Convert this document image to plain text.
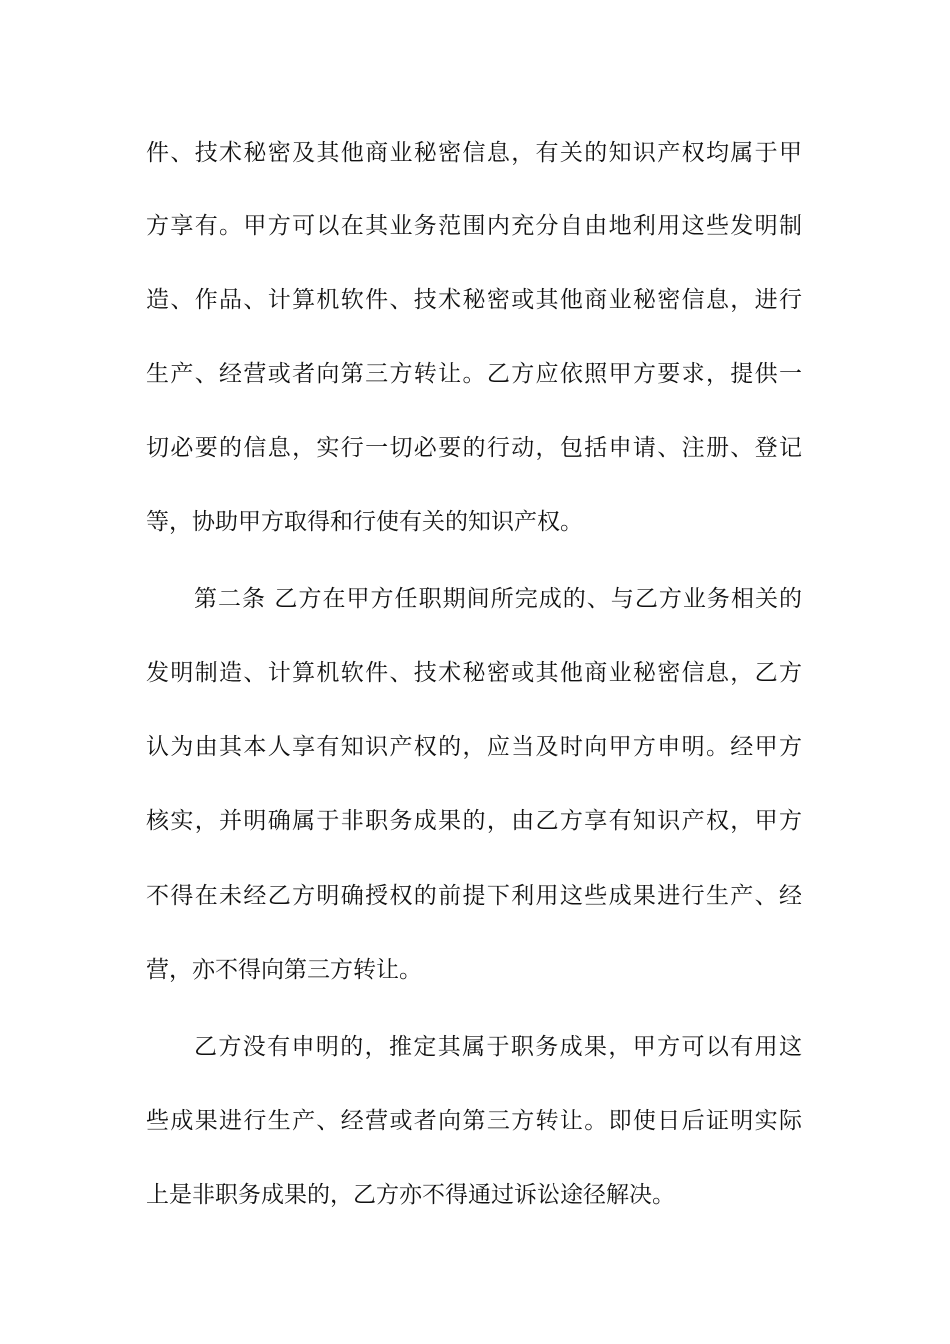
件、技术秘密及其他商业秘密信息，有关的知识产权均属于甲
方享有。甲方可以在其业务范围内充分自由地利用这些发明制
造、作品、计算机软件、技术秘密或其他商业秘密信息，进行
生产、经营或者向第三方转让。乙方应依照甲方要求，提供一
切必要的信息，实行一切必要的行动，包括申请、注册、登记
等，协助甲方取得和行使有关的知识产权。
第二条 乙方在甲方任职期间所完成的、与乙方业务相关的
发明制造、计算机软件、技术秘密或其他商业秘密信息，乙方
认为由其本人享有知识产权的，应当及时向甲方申明。经甲方
核实，并明确属于非职务成果的，由乙方享有知识产权，甲方
不得在未经乙方明确授权的前提下利用这些成果进行生产、经
营，亦不得向第三方转让。
乙方没有申明的，推定其属于职务成果，甲方可以有用这
些成果进行生产、经营或者向第三方转让。即使日后证明实际
上是非职务成果的，乙方亦不得通过诉讼途径解决。
